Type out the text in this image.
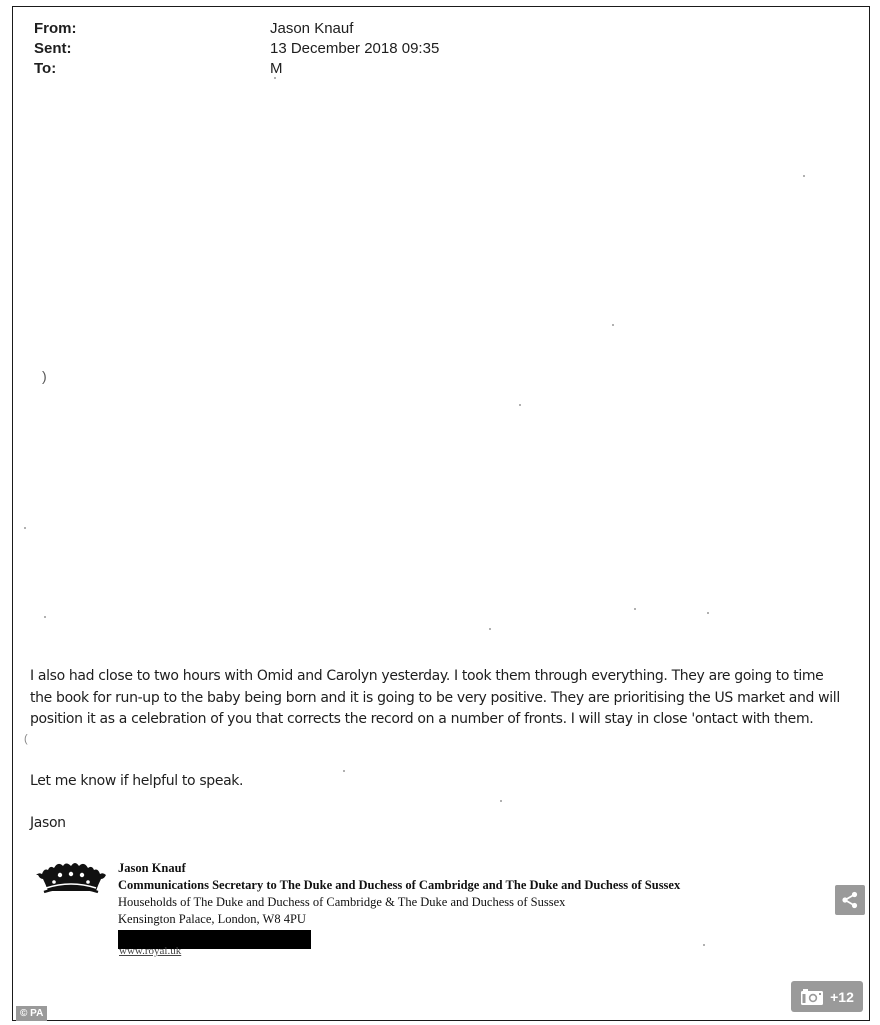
From:	Jason Knauf
Sent:	13 December 2018 09:35
To:	M
)
(

I also had close to two hours with Omid and Carolyn yesterday. I took them through everything. They are going to time the book for run-up to the baby being born and it is going to be very positive. They are prioritising the US market and will position it as a celebration of you that corrects the record on a number of fronts. I will stay in close 'ontact with them.

Let me know if helpful to speak.
Jason
Jason Knauf
Communications Secretary to The Duke and Duchess of Cambridge and The Duke and Duchess of Sussex
Households of The Duke and Duchess of Cambridge & The Duke and Duchess of Sussex
Kensington Palace, London, W8 4PU
www.royal.uk
+12
© PA
